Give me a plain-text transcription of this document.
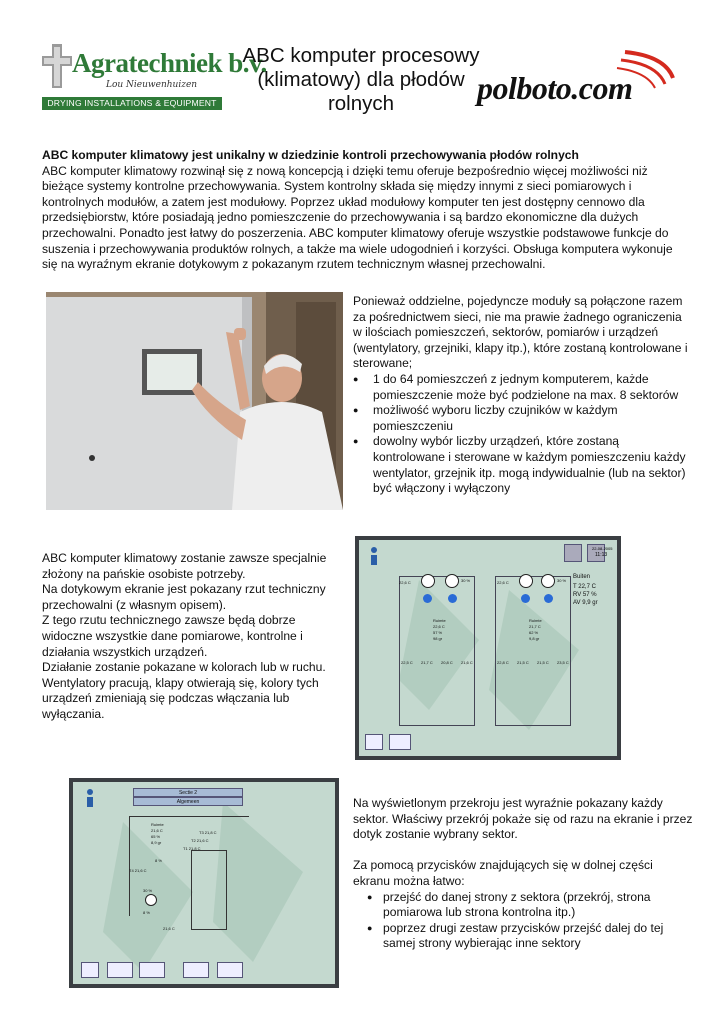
Agratechniek b.v.
Lou Nieuwenhuizen
DRYING INSTALLATIONS & EQUIPMENT
ABC komputer procesowy
(klimatowy) dla płodów
rolnych	polboto.com
ABC komputer klimatowy jest unikalny w dziedzinie kontroli przechowywania płodów rolnych

ABC komputer klimatowy rozwinął się z nową koncepcją i dzięki temu oferuje bezpośrednio więcej możliwości niż bieżące systemy kontrolne przechowywania. System kontrolny składa się między innymi z sieci pomiarowych i kontrolnych modułów, a zatem jest modułowy. Poprzez układ modułowy komputer ten jest dostępny cennowo dla przedsiębiorstw, które posiadają jedno pomieszczenie do przechowywania i są bardzo ekonomiczne dla dużych przechowalni. Ponadto jest łatwy do poszerzenia. ABC komputer klimatowy oferuje wszystkie podstawowe funkcje do suszenia i przechowywania produktów rolnych, a także ma wiele udogodnień i korzyści. Obsługa komputera wykonuje się na wyraźnym ekranie dotykowym z pokazanym rzutem technicznym własnej przechowalni.

Ponieważ oddzielne, pojedyncze moduły są połączone razem za pośrednictwem sieci, nie ma prawie żadnego ograniczenia w ilościach pomieszczeń, sektorów, pomiarów i urządzeń (wentylatory, grzejniki, klapy itp.), które zostaną kontrolowane i sterowane;

● 1 do 64 pomieszczeń z jednym komputerem, każde pomieszczenie może być podzielone na max. 8 sektorów
● możliwość wyboru liczby czujników w każdym pomieszczeniu
● dowolny wybór liczby urządzeń, które zostaną kontrolowane i sterowane w każdym pomieszczeniu każdy wentylator, grzejnik itp. mogą indywidualnie (lub na sektor) być włączony i wyłączony

ABC komputer klimatowy zostanie zawsze specjalnie złożony na pańskie osobiste potrzeby.

Na dotykowym ekranie jest pokazany rzut techniczny przechowalni (z własnym opisem).

Z tego rzutu technicznego zawsze będą dobrze widoczne wszystkie dane pomiarowe, kontrolne i działania wszystkich urządzeń.

Działanie zostanie pokazane w kolorach lub w ruchu. Wentylatory pracują, klapy otwierają się, kolory tych urządzeń zmieniają się podczas włączania lub wyłączania.

22-08-2005
11:13
Buiten
T 22,7 C
RV 57 %
AV 9,9 gr
22,6 C	30 %
Ruimte
22,6 C
57 %
98 gr
22,6 C	30 %
Ruimte
21,7 C
62 %
9,8 gr
22,5 C 21,7 C 20,8 C 21,6 C	22,8 C 21,5 C 21,5 C 23,5 C
Sectie 2
Algemeen
Ruimte
21,6 C
65 %
8,9 gr
T3 21,8 C
T2 21,6 C
T1 21,8 C
8 %
30 %
8 %
T4 21,6 C
21,6 C

Na wyświetlonym przekroju jest wyraźnie pokazany każdy sektor. Właściwy przekrój pokaże się od razu na ekranie i przez dotyk zostanie wybrany sektor.

Za pomocą przycisków znajdujących się w dolnej części ekranu można łatwo:

● przejść do danej strony z sektora (przekrój, strona pomiarowa lub strona kontrolna itp.)
● poprzez drugi zestaw przycisków przejść dalej do tej samej strony wybierając inne sektory
